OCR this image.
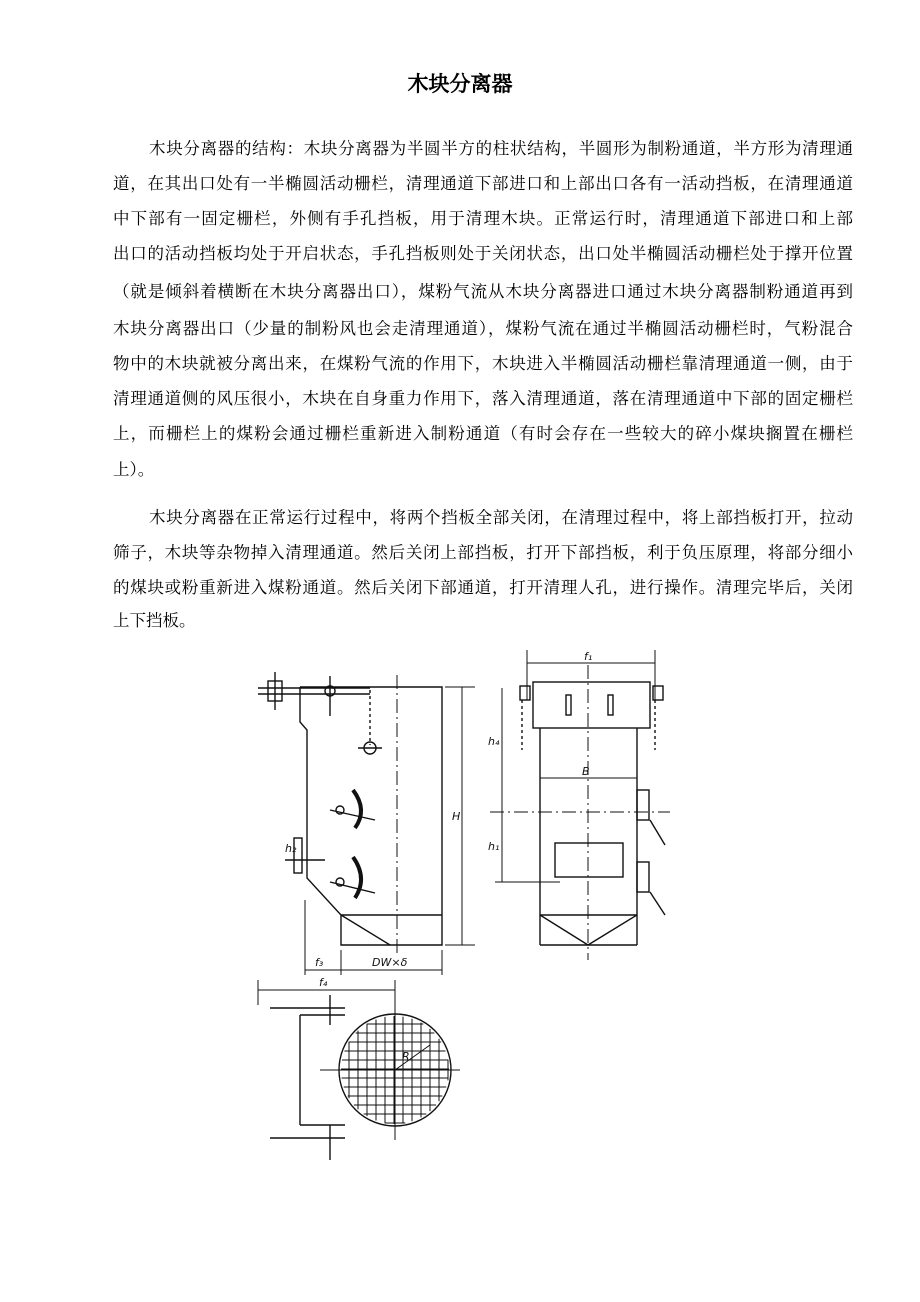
木块分离器
木块分离器的结构：木块分离器为半圆半方的柱状结构，半圆形为制粉通道，半方形为清理通
道，在其出口处有一半椭圆活动栅栏，清理通道下部进口和上部出口各有一活动挡板，在清理通道
中下部有一固定栅栏，外侧有手孔挡板，用于清理木块。正常运行时，清理通道下部进口和上部
出口的活动挡板均处于开启状态，手孔挡板则处于关闭状态，出口处半椭圆活动栅栏处于撑开位置
（就是倾斜着横断在木块分离器出口），煤粉气流从木块分离器进口通过木块分离器制粉通道再到
木块分离器出口（少量的制粉风也会走清理通道），煤粉气流在通过半椭圆活动栅栏时，气粉混合
物中的木块就被分离出来，在煤粉气流的作用下，木块进入半椭圆活动栅栏靠清理通道一侧，由于
清理通道侧的风压很小，木块在自身重力作用下，落入清理通道，落在清理通道中下部的固定栅栏
上，而栅栏上的煤粉会通过栅栏重新进入制粉通道（有时会存在一些较大的碎小煤块搁置在栅栏
上）。
木块分离器在正常运行过程中，将两个挡板全部关闭，在清理过程中，将上部挡板打开，拉动
筛子，木块等杂物掉入清理通道。然后关闭上部挡板，打开下部挡板，利于负压原理，将部分细小
的煤块或粉重新进入煤粉通道。然后关闭下部通道，打开清理人孔，进行操作。清理完毕后，关闭
上下挡板。
H
h₂
f₃	DW×δ
f₁
B
h₄
h₁
f₄
R
